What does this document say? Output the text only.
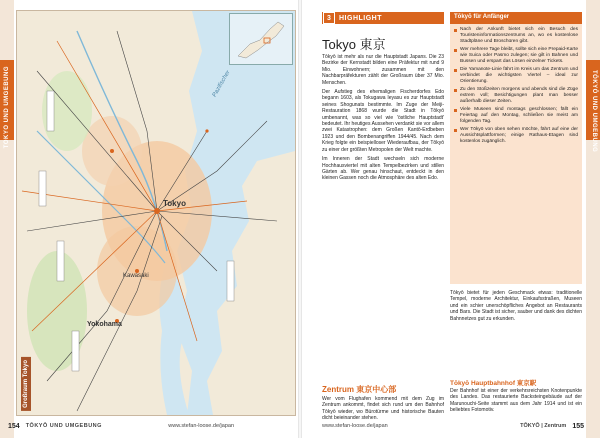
TŌKYŌ UND UMGEBUNG	Pazifischer
Tokyo
Kawasaki
Yokohama
Großraum Tokyo
154 TŌKYŌ UND UMGEBUNG	www.stefan-loose.de/japan
TŌKYŌ UND UMGEBUNG
3	HIGHLIGHT
Tokyo 東京

Tōkyō ist mehr als nur die Hauptstadt Japans. Die 23 Bezirke der Kernstadt bilden eine Präfektur mit rund 9 Mio. Einwohnern; zusammen mit den Nachbarpräfekturen zählt der Großraum über 37 Mio. Menschen.

Der Aufstieg des ehemaligen Fischerdorfes Edo begann 1603, als Tokugawa Ieyasu es zur Hauptstadt seines Shogunats bestimmte. Im Zuge der Meiji-Restauration 1868 wurde die Stadt in Tōkyō umbenannt, was so viel wie 'östliche Hauptstadt' bedeutet. Ihr heutiges Aussehen verdankt sie vor allem zwei Katastrophen: dem Großen Kantō-Erdbeben 1923 und den Bombenangriffen 1944/45. Nach dem Krieg folgte ein beispielloser Wiederaufbau, der Tōkyō zu einer der größten Metropolen der Welt machte.

Im Inneren der Stadt wechseln sich moderne Hochhausviertel mit alten Tempelbezirken und stillen Gärten ab. Wer genau hinschaut, entdeckt in den kleinen Gassen noch die Atmosphäre des alten Edo.

Tōkyō für Anfänger
Nach der Ankunft bietet sich ein Besuch des Touristeninformationszentrums an, wo es kostenlose Stadtpläne und Broschüren gibt.
Wer mehrere Tage bleibt, sollte sich eine Prepaid-Karte wie Suica oder Pasmo zulegen; sie gilt in Bahnen und Bussen und erspart das Lösen einzelner Tickets.
Die Yamanote-Linie fährt im Kreis um das Zentrum und verbindet die wichtigsten Viertel – ideal zur Orientierung.
Zu den Stoßzeiten morgens und abends sind die Züge extrem voll; Besichtigungen plant man besser außerhalb dieser Zeiten.
Viele Museen sind montags geschlossen; fällt ein Feiertag auf den Montag, schließen sie meist am folgenden Tag.
Wer Tōkyō von oben sehen möchte, fährt auf eine der Aussichtsplattformen; einige Rathaus-Etagen sind kostenlos zugänglich.

Tōkyō bietet für jeden Geschmack etwas: traditionelle Tempel, moderne Architektur, Einkaufsstraßen, Museen und ein schier unerschöpfliches Angebot an Restaurants und Bars. Die Stadt ist sicher, sauber und dank des dichten Bahnnetzes gut zu erkunden.

Zentrum 東京中心部
Wer vom Flughafen kommend mit dem Zug im Zentrum ankommt, findet sich rund um den Bahnhof Tōkyō wieder, wo Bürotürme und historische Bauten dicht beieinander stehen.
Tōkyō Hauptbahnhof 東京駅
Der Bahnhof ist einer der verkehrsreichsten Knotenpunkte des Landes. Das restaurierte Backsteingebäude auf der Marunouchi-Seite stammt aus dem Jahr 1914 und ist ein beliebtes Fotomotiv.
www.stefan-loose.de/japan	TŌKYŌ | Zentrum 155
